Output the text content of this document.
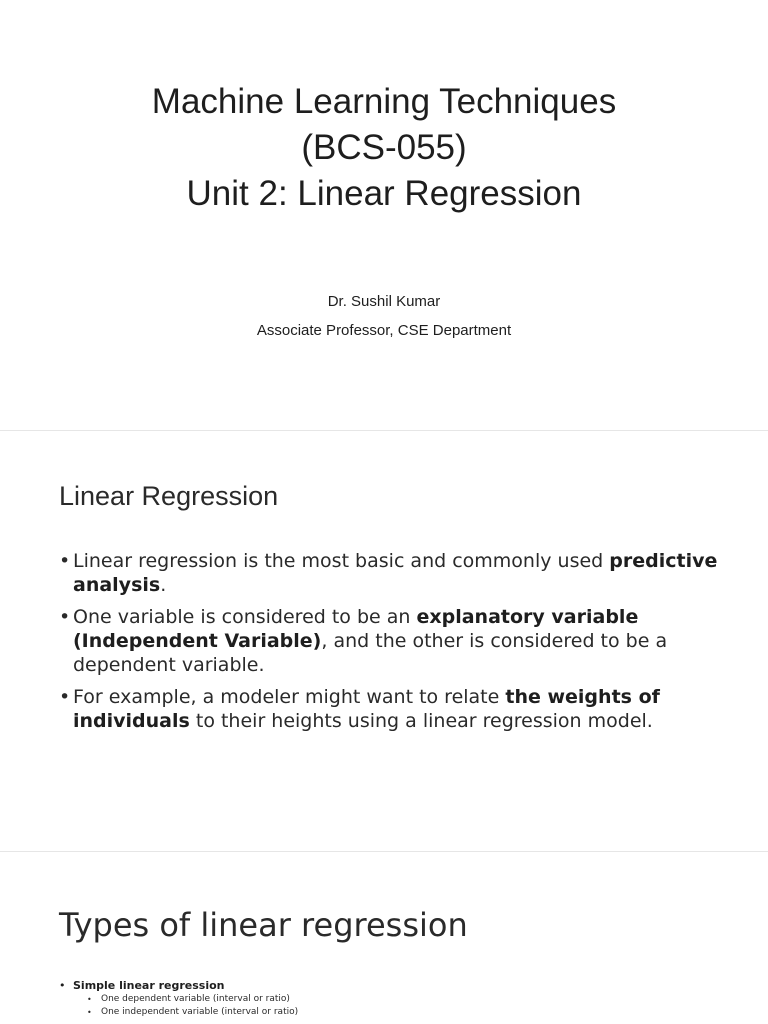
Machine Learning Techniques
(BCS-055)
Unit 2: Linear Regression
Dr. Sushil Kumar
Associate Professor, CSE Department
Linear Regression
• Linear regression is the most basic and commonly used predictive analysis.
• One variable is considered to be an explanatory variable (Independent Variable), and the other is considered to be a dependent variable.
• For example, a modeler might want to relate the weights of individuals to their heights using a linear regression model.
Types of linear regression
• Simple linear regression
• One dependent variable (interval or ratio)
• One independent variable (interval or ratio)
